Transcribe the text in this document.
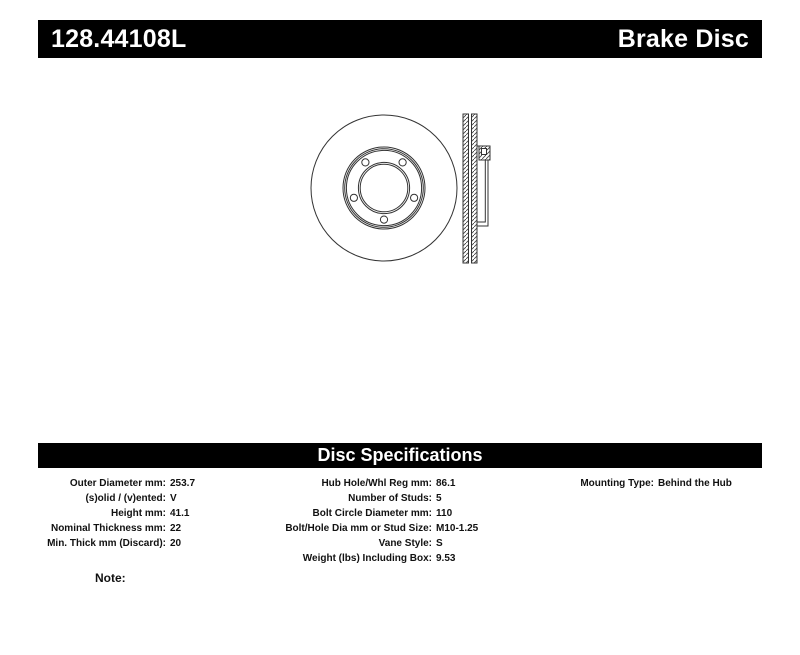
128.44108L	Brake Disc
Disc Specifications
Outer Diameter mm: 253.7
(s)olid / (v)ented: V
Height mm: 41.1
Nominal Thickness mm: 22
Min. Thick mm (Discard): 20
Hub Hole/Whl Reg mm: 86.1
Number of Studs: 5
Bolt Circle Diameter mm: 110
Bolt/Hole Dia mm or Stud Size: M10-1.25
Vane Style: S
Weight (lbs) Including Box: 9.53
Mounting Type: Behind the Hub
Note:
